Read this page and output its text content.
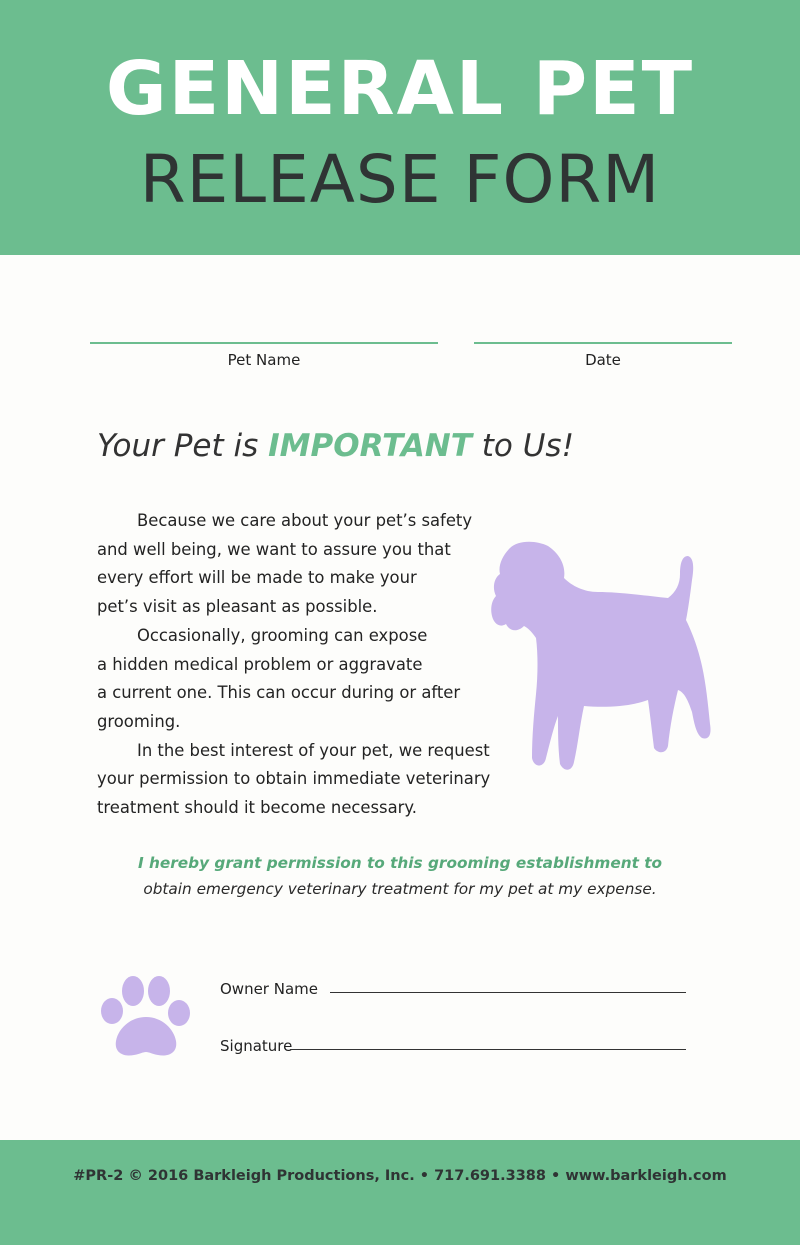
GENERAL PET
RELEASE FORM
Pet Name	Date
Your Pet is IMPORTANT to Us!
Because we care about your pet’s safety
and well being, we want to assure you that
every effort will be made to make your
pet’s visit as pleasant as possible.
Occasionally, grooming can expose
a hidden medical problem or aggravate
a current one. This can occur during or after
grooming.
In the best interest of your pet, we request
your permission to obtain immediate veterinary
treatment should it become necessary.
I hereby grant permission to this grooming establishment to
obtain emergency veterinary treatment for my pet at my expense.
Owner Name
Signature
#PR-2 © 2016 Barkleigh Productions, Inc. • 717.691.3388 • www.barkleigh.com
